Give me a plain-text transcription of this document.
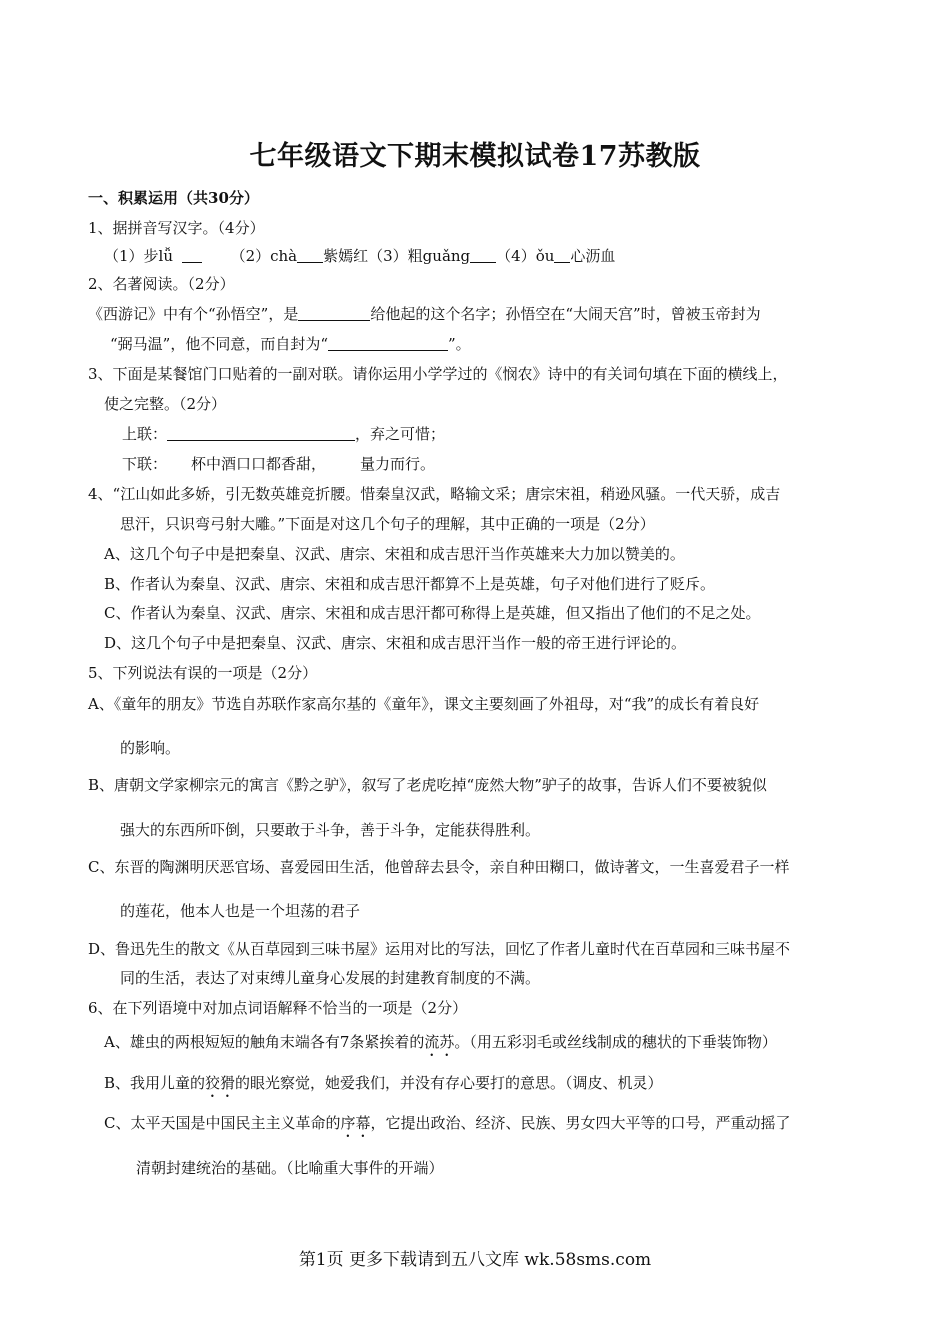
七年级语文下期末模拟试卷17苏教版
一、积累运用（共30分）
1、据拼音写汉字。（4分）
（1）步lǚ	（2）chà 紫嫣红（3）粗guǎng （4）ǒu 心沥血
2、名著阅读。（2分）
《西游记》中有个“孙悟空”，是	给他起的这个名字；孙悟空在“大闹天宫”时，曾被玉帝封为
“弼马温”，他不同意，而自封为“	”。
3、下面是某餐馆门口贴着的一副对联。请你运用小学学过的《悯农》诗中的有关词句填在下面的横线上，
使之完整。（2分）
上联：	，弃之可惜；
下联： 杯中酒口口都香甜， 量力而行。
4、“江山如此多娇，引无数英雄竞折腰。惜秦皇汉武，略输文采；唐宗宋祖，稍逊风骚。一代天骄，成吉
思汗，只识弯弓射大雕。”下面是对这几个句子的理解，其中正确的一项是（2分）
A、这几个句子中是把秦皇、汉武、唐宗、宋祖和成吉思汗当作英雄来大力加以赞美的。
B、作者认为秦皇、汉武、唐宗、宋祖和成吉思汗都算不上是英雄，句子对他们进行了贬斥。
C、作者认为秦皇、汉武、唐宗、宋祖和成吉思汗都可称得上是英雄，但又指出了他们的不足之处。
D、这几个句子中是把秦皇、汉武、唐宗、宋祖和成吉思汗当作一般的帝王进行评论的。
5、下列说法有误的一项是（2分）
A、《童年的朋友》节选自苏联作家高尔基的《童年》，课文主要刻画了外祖母，对“我”的成长有着良好
的影响。
B、唐朝文学家柳宗元的寓言《黔之驴》，叙写了老虎吃掉“庞然大物”驴子的故事，告诉人们不要被貌似
强大的东西所吓倒，只要敢于斗争，善于斗争，定能获得胜利。
C、东晋的陶渊明厌恶官场、喜爱园田生活，他曾辞去县令，亲自种田糊口，做诗著文，一生喜爱君子一样
的莲花，他本人也是一个坦荡的君子
D、鲁迅先生的散文《从百草园到三味书屋》运用对比的写法，回忆了作者儿童时代在百草园和三味书屋不
同的生活，表达了对束缚儿童身心发展的封建教育制度的不满。
6、在下列语境中对加点词语解释不恰当的一项是（2分）
A、雄虫的两根短短的触角末端各有7条紧挨着的流苏。（用五彩羽毛或丝线制成的穗状的下垂装饰物）
B、我用儿童的狡猾的眼光察觉，她爱我们，并没有存心要打的意思。（调皮、机灵）
C、太平天国是中国民主主义革命的序幕，它提出政治、经济、民族、男女四大平等的口号，严重动摇了
清朝封建统治的基础。（比喻重大事件的开端）
第1页 更多下载请到五八文库 wk.58sms.com
